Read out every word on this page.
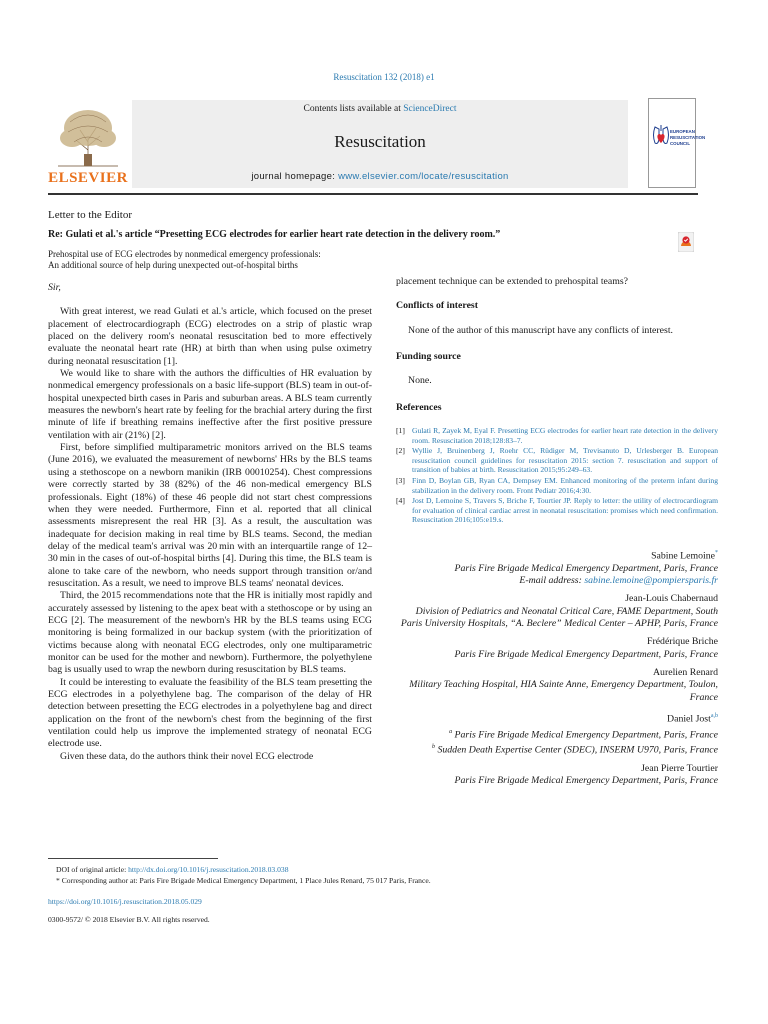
Resuscitation 132 (2018) e1
ELSEVIER
Contents lists available at ScienceDirect
Resuscitation
journal homepage: www.elsevier.com/locate/resuscitation
EUROPEAN
RESUSCITATION
COUNCIL
Letter to the Editor
Re: Gulati et al.'s article “Presetting ECG electrodes for earlier heart rate detection in the delivery room.”
Prehospital use of ECG electrodes by nonmedical emergency professionals:
An additional source of help during unexpected out-of-hospital births

Sir,

With great interest, we read Gulati et al.'s article, which focused on the preset placement of electrocardiograph (ECG) electrodes on a strip of plastic wrap placed on the delivery room's neonatal resuscitation bed to more effectively evaluate the neonatal heart rate (HR) at birth than when using pulse oximetry during neonatal resuscitation [1].

We would like to share with the authors the difficulties of HR evaluation by nonmedical emergency professionals on a basic life-support (BLS) team in out-of-hospital unexpected birth cases in Paris and suburban areas. A BLS team currently measures the newborn's heart rate by feeling for the brachial artery during the first minute of life if breathing remains ineffective after the first positive pressure ventilation with air (21%) [2].

First, before simplified multiparametric monitors arrived on the BLS teams (June 2016), we evaluated the measurement of newborns' HRs by the BLS teams using a stethoscope on a newborn manikin (IRB 00010254). Chest compressions were correctly started by 38 (82%) of the 46 non-medical emergency BLS professionals. Eight (18%) of these 46 people did not start chest compressions when they were needed. Furthermore, Finn et al. reported that all clinical assessments misrepresent the real HR [3]. As a result, the auscultation was inadequate for decision making in real time by BLS teams. Second, the median delay of the medical team's arrival was 20 min with an interquartile range of 12–30 min in the cases of out-of-hospital births [4]. During this time, the BLS team is alone to take care of the newborn, who needs support through transition or/and resuscitation. As a result, we need to improve BLS teams' neonatal devices.

Third, the 2015 recommendations note that the HR is initially most rapidly and accurately assessed by listening to the apex beat with a stethoscope or by using an ECG [2]. The measurement of the newborn's HR by the BLS teams using ECG monitoring is being formalized in our backup system (with the prioritization of victims because along with neonatal ECG electrodes, only one multiparametric monitor can be used for the mother and newborn). Furthermore, the polyethylene bag is usually used to wrap the newborn during resuscitation by BLS teams.

It could be interesting to evaluate the feasibility of the BLS team presetting the ECG electrodes in a polyethylene bag. The comparison of the delay of HR detection between presetting the ECG electrodes in a polyethylene bag and direct application on the front of the newborn's chest from the beginning of the first ventilation could help us improve the implemented strategy of neonatal ECG electrode use.

Given these data, do the authors think their novel ECG electrode

placement technique can be extended to prehospital teams?

Conflicts of interest

None of the author of this manuscript have any conflicts of interest.

Funding source

None.

References
[1] Gulati R, Zayek M, Eyal F. Presetting ECG electrodes for earlier heart rate detection in the delivery room. Resuscitation 2018;128:83–7.
[2] Wyllie J, Bruinenberg J, Roehr CC, Rüdiger M, Trevisanuto D, Urlesberger B. European resuscitation council guidelines for resuscitation 2015: section 7. resuscitation and support of transition of babies at birth. Resuscitation 2015;95:249–63.
[3] Finn D, Boylan GB, Ryan CA, Dempsey EM. Enhanced monitoring of the preterm infant during stabilization in the delivery room. Front Pediatr 2016;4:30.
[4] Jost D, Lemoine S, Travers S, Briche F, Tourtier JP. Reply to letter: the utility of electrocardiogram for evaluation of clinical cardiac arrest in neonatal resuscitation: promises which need confirmation. Resuscitation 2016;105:e19.s.
Sabine Lemoine*
Paris Fire Brigade Medical Emergency Department, Paris, France
E-mail address: sabine.lemoine@pompiersparis.fr
Jean-Louis Chabernaud
Division of Pediatrics and Neonatal Critical Care, FAME Department, South Paris University Hospitals, “A. Beclere” Medical Center – APHP, Paris, France
Frédérique Briche
Paris Fire Brigade Medical Emergency Department, Paris, France
Aurelien Renard
Military Teaching Hospital, HIA Sainte Anne, Emergency Department, Toulon, France
Daniel Jost$^{a,b}$
$^a$ Paris Fire Brigade Medical Emergency Department, Paris, France
$^b$ Sudden Death Expertise Center (SDEC), INSERM U970, Paris, France
Jean Pierre Tourtier
Paris Fire Brigade Medical Emergency Department, Paris, France
DOI of original article: http://dx.doi.org/10.1016/j.resuscitation.2018.03.038
* Corresponding author at: Paris Fire Brigade Medical Emergency Department, 1 Place Jules Renard, 75 017 Paris, France.
https://doi.org/10.1016/j.resuscitation.2018.05.029
0300-9572/ © 2018 Elsevier B.V. All rights reserved.
